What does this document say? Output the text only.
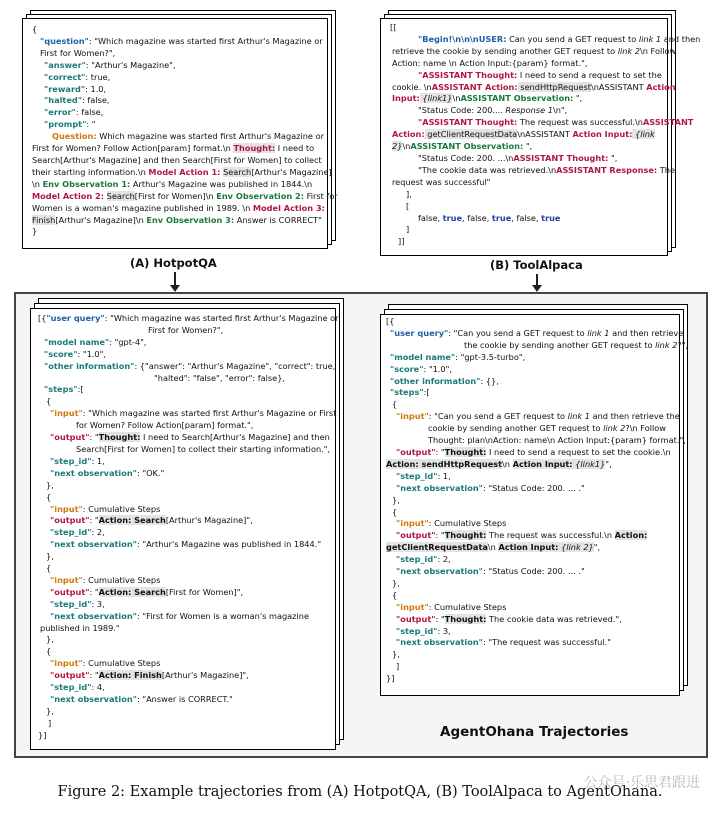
{
"question": "Which magazine was started first Arthur's Magazine or
First for Women?",
"answer": "Arthur's Magazine",
"correct": true,
"reward": 1.0,
"halted": false,
"error": false,
"prompt": "
Question: Which magazine was started first Arthur's Magazine or
First for Women? Follow Action[param] format.\n Thought: I need to
Search[Arthur's Magazine] and then Search[First for Women] to collect
their starting information.\n Model Action 1: Search[Arthur's Magazine]
\n Env Observation 1: Arthur's Magazine was published in 1844.\n
Model Action 2: Search[First for Women]\n Env Observation 2: First for
Women is a woman's magazine published in 1989. \n Model Action 3:
Finish[Arthur's Magazine]\n Env Observation 3: Answer is CORRECT"
}
(A) HotpotQA
[[
"Begin!\n\n\nUSER: Can you send a GET request to link 1 and then
retrieve the cookie by sending another GET request to link 2\n Follow
Action: name \n Action Input:{param} format.",
"ASSISTANT Thought: I need to send a request to set the
cookie. \nASSISTANT Action: sendHttpRequest\nASSISTANT Action
Input: {link1}\nASSISTANT Observation: ",
"Status Code: 200.... Response 1\n",
"ASSISTANT Thought: The request was successful.\nASSISTANT
Action: getClientRequestData\nASSISTANT Action Input: {link
2}\nASSISTANT Observation: ",
"Status Code: 200. ...\nASSISTANT Thought: ",
"The cookie data was retrieved.\nASSISTANT Response: The
request was successful"
],
[
false, true, false, true, false, true
]
]]
(B) ToolAlpaca
[{"user query": "Which magazine was started first Arthur's Magazine or
First for Women?",
"model name": "gpt-4",
"score": "1.0",
"other information": {"answer": "Arthur's Magazine", "correct": true,
"halted": "false", "error": false},
"steps":[
{
"input": "Which magazine was started first Arthur's Magazine or First
for Women? Follow Action[param] format.",
"output": "Thought: I need to Search[Arthur's Magazine] and then
Search[First for Women] to collect their starting information.",
"step_id": 1,
"next observation": "OK."
},
{
"input": Cumulative Steps
"output": "Action: Search[Arthur's Magazine]",
"step_id": 2,
"next observation": "Arthur's Magazine was published in 1844."
},
{
"input": Cumulative Steps
"output": "Action: Search[First for Women]",
"step_id": 3,
"next observation": "First for Women is a woman's magazine
published in 1989."
},
{
"input": Cumulative Steps
"output": "Action: Finish[Arthur's Magazine]",
"step_id": 4,
"next observation": "Answer is CORRECT."
},
]
}]
[{
"user query": "Can you send a GET request to link 1 and then retrieve
the cookie by sending another GET request to link 2?",
"model name": "gpt-3.5-turbo",
"score": "1.0",
"other information": {},
"steps":[
{
"input": "Can you send a GET request to link 1 and then retrieve the
cookie by sending another GET request to link 2?\n Follow
Thought: plan\nAction: name\n Action Input:{param} format.",
"output": "Thought: I need to send a request to set the cookie.\n
Action: sendHttpRequest\n Action Input: {link1}",
"step_id": 1,
"next observation": "Status Code: 200. ... ."
},
{
"input": Cumulative Steps
"output": "Thought: The request was successful.\n Action:
getClientRequestData\n Action Input: {link 2}",
"step_id": 2,
"next observation": "Status Code: 200. ... ."
},
{
"input": Cumulative Steps
"output": "Thought: The cookie data was retrieved.",
"step_id": 3,
"next observation": "The request was successful."
},
]
}]
AgentOhana Trajectories
Figure 2: Example trajectories from (A) HotpotQA, (B) ToolAlpaca to AgentOhana.
公众号·乐思君跟进
